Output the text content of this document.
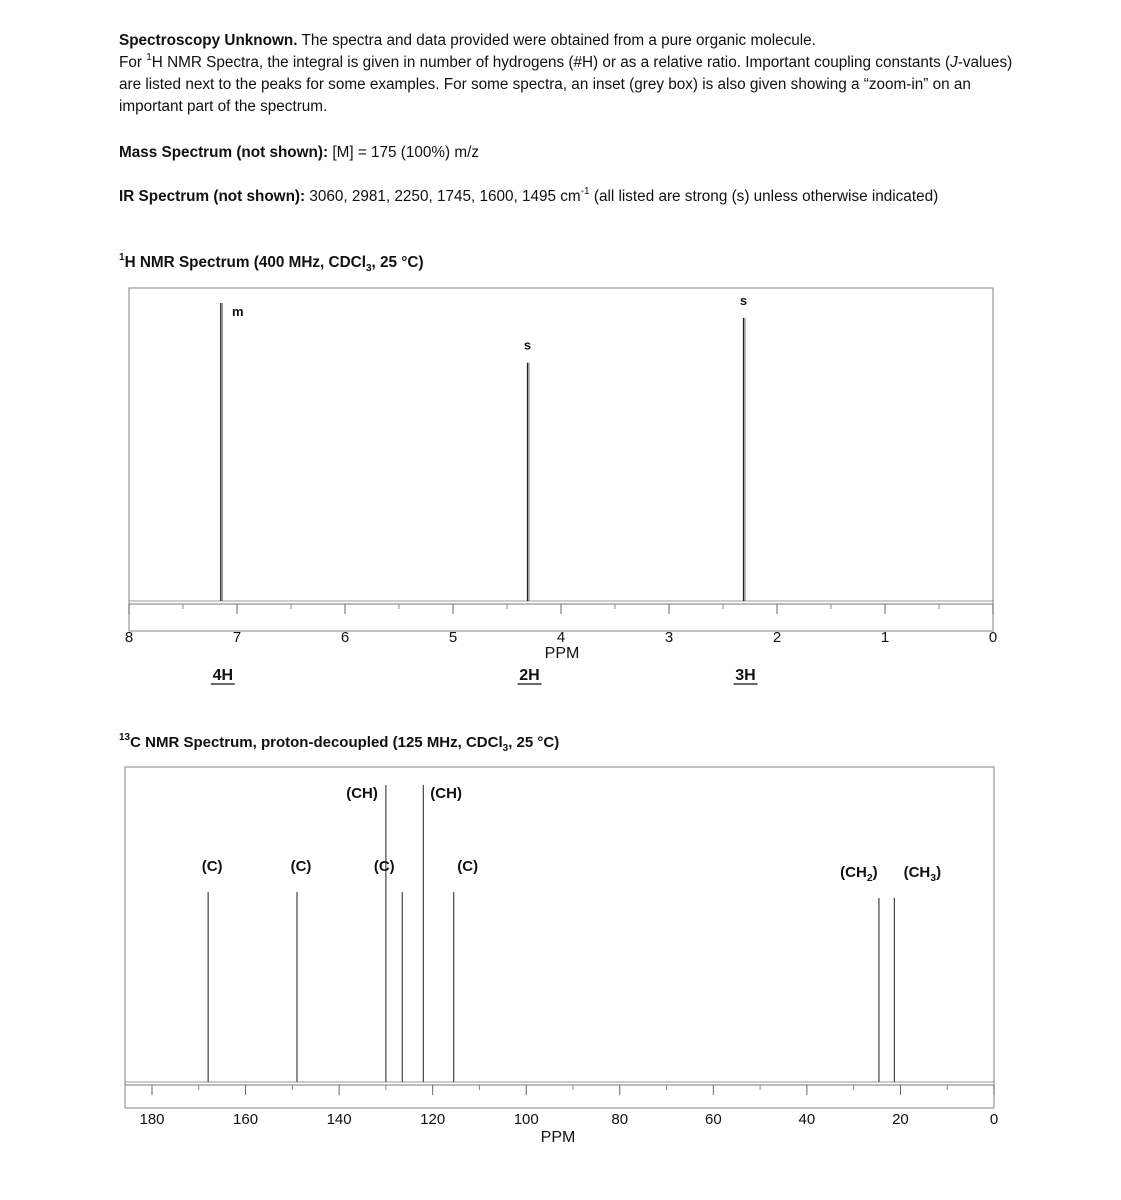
Spectroscopy Unknown. The spectra and data provided were obtained from a pure organic molecule.

For $^1$H NMR Spectra, the integral is given in number of hydrogens (#H) or as a relative ratio. Important coupling constants (J-values) are listed next to the peaks for some examples. For some spectra, an inset (grey box) is also given showing a “zoom-in” on an important part of the spectrum.

Mass Spectrum (not shown): [M] = 175 (100%) m/z
IR Spectrum (not shown): 3060, 2981, 2250, 1745, 1600, 1495 $cm^{-1}$ (all listed are strong (s) unless otherwise indicated)
$^1$H NMR Spectrum (400 MHz, CDCl$_3$, 25 °C)
$^{13}$C NMR Spectrum, proton-decoupled (125 MHz, CDCl$_3$, 25 °C)
8	7	6	5	4	3	2	1	0
PPM
m
4H
s
2H
s
3H
180	160	140	120	100	80	60	40	20	0
PPM
(C)	(C)
(CH)
(C)
(CH)
(C)	$(CH_2)$ $(CH_3)$
